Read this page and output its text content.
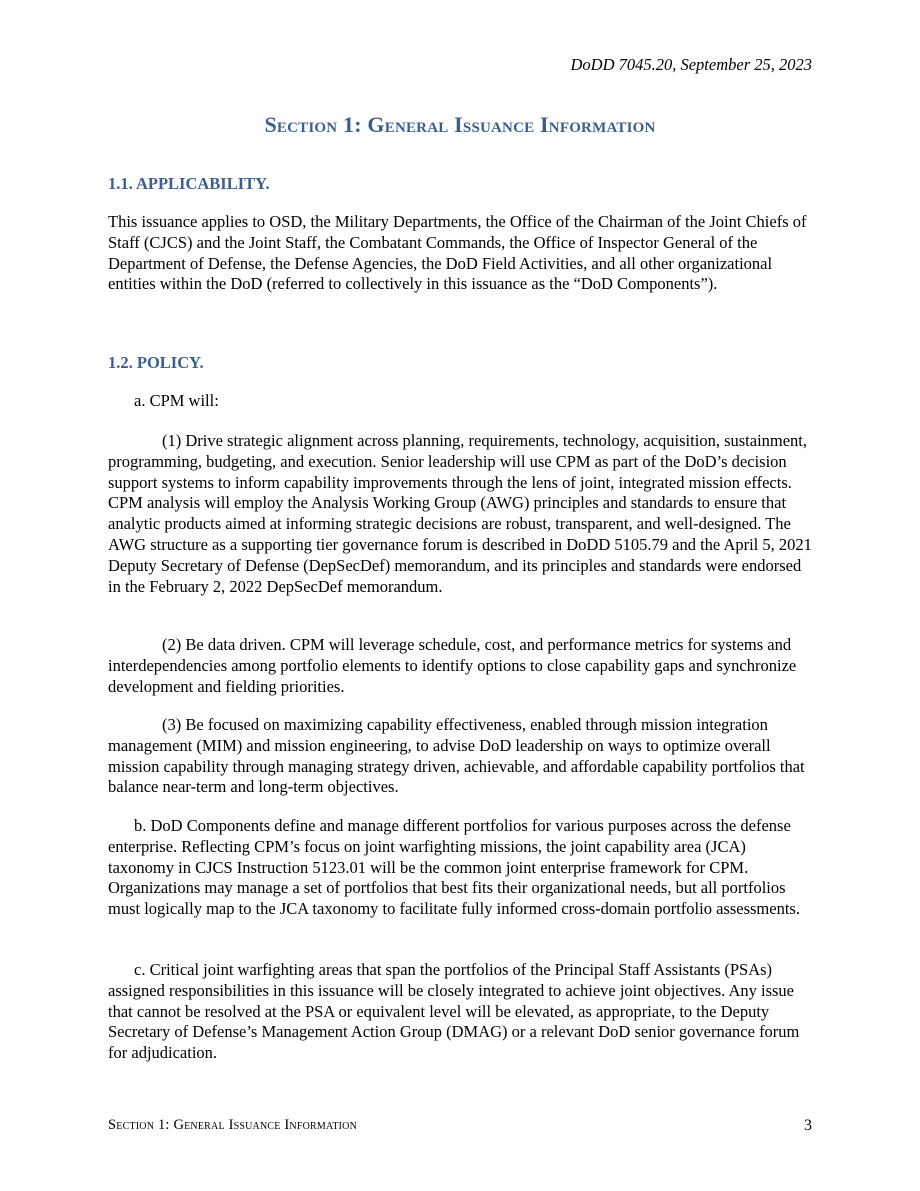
DoDD 7045.20, September 25, 2023
Section 1: General Issuance Information
1.1. APPLICABILITY.

This issuance applies to OSD, the Military Departments, the Office of the Chairman of the Joint Chiefs of Staff (CJCS) and the Joint Staff, the Combatant Commands, the Office of Inspector General of the Department of Defense, the Defense Agencies, the DoD Field Activities, and all other organizational entities within the DoD (referred to collectively in this issuance as the “DoD Components”).

1.2. POLICY.

a. CPM will:

(1) Drive strategic alignment across planning, requirements, technology, acquisition, sustainment, programming, budgeting, and execution. Senior leadership will use CPM as part of the DoD’s decision support systems to inform capability improvements through the lens of joint, integrated mission effects. CPM analysis will employ the Analysis Working Group (AWG) principles and standards to ensure that analytic products aimed at informing strategic decisions are robust, transparent, and well-designed. The AWG structure as a supporting tier governance forum is described in DoDD 5105.79 and the April 5, 2021 Deputy Secretary of Defense (DepSecDef) memorandum, and its principles and standards were endorsed in the February 2, 2022 DepSecDef memorandum.

(2) Be data driven. CPM will leverage schedule, cost, and performance metrics for systems and interdependencies among portfolio elements to identify options to close capability gaps and synchronize development and fielding priorities.

(3) Be focused on maximizing capability effectiveness, enabled through mission integration management (MIM) and mission engineering, to advise DoD leadership on ways to optimize overall mission capability through managing strategy driven, achievable, and affordable capability portfolios that balance near-term and long-term objectives.

b. DoD Components define and manage different portfolios for various purposes across the defense enterprise. Reflecting CPM’s focus on joint warfighting missions, the joint capability area (JCA) taxonomy in CJCS Instruction 5123.01 will be the common joint enterprise framework for CPM. Organizations may manage a set of portfolios that best fits their organizational needs, but all portfolios must logically map to the JCA taxonomy to facilitate fully informed cross-domain portfolio assessments.

c. Critical joint warfighting areas that span the portfolios of the Principal Staff Assistants (PSAs) assigned responsibilities in this issuance will be closely integrated to achieve joint objectives. Any issue that cannot be resolved at the PSA or equivalent level will be elevated, as appropriate, to the Deputy Secretary of Defense’s Management Action Group (DMAG) or a relevant DoD senior governance forum for adjudication.

Section 1: General Issuance Information	3
